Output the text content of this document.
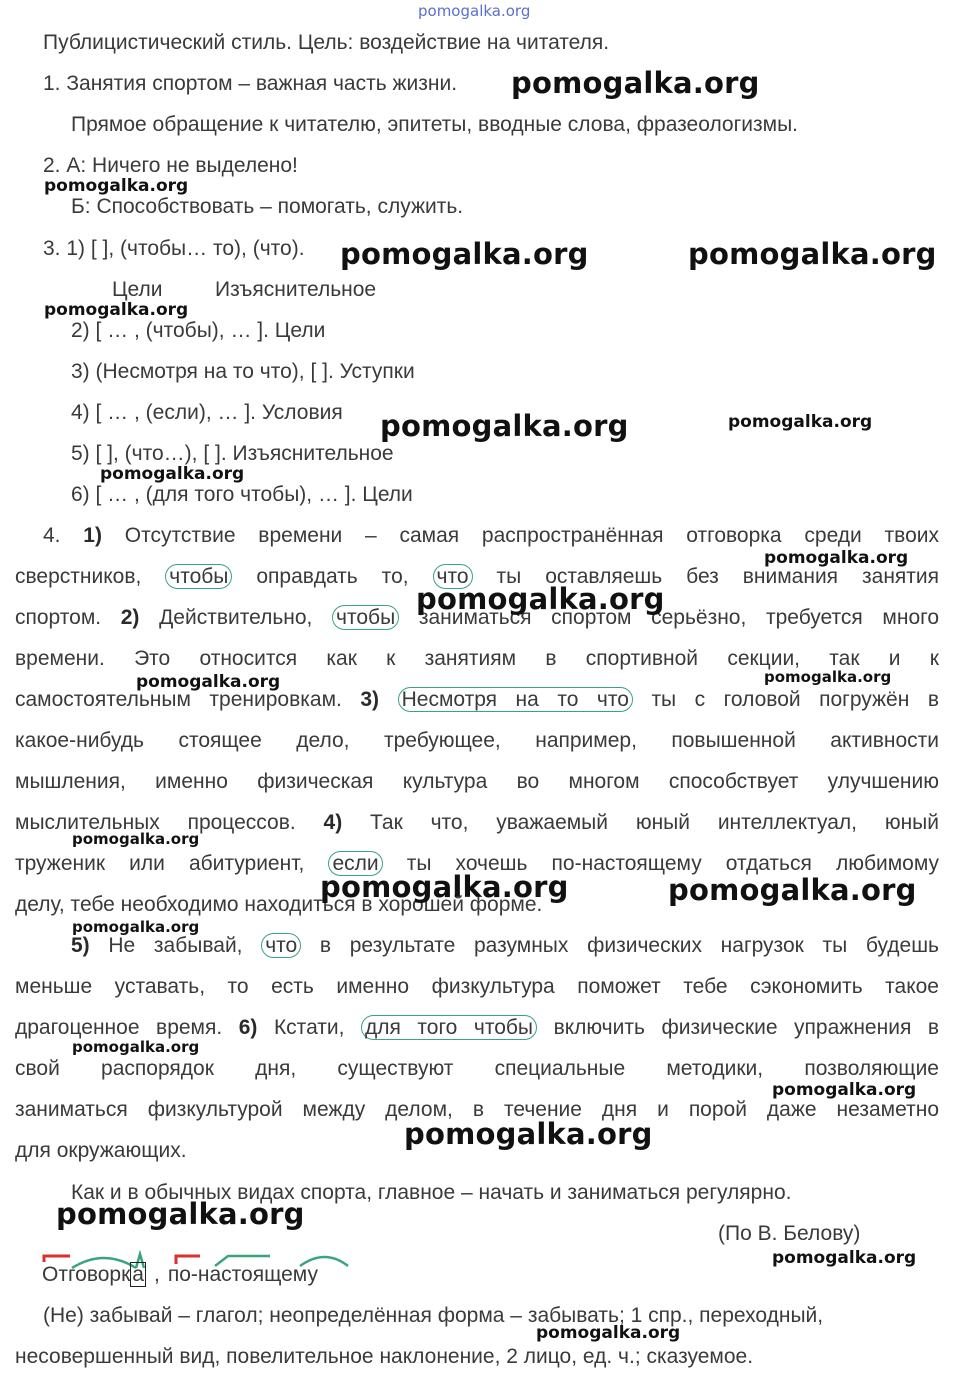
pomogalka.org
Публицистический стиль. Цель: воздействие на читателя.
1. Занятия спортом – важная часть жизни.
Прямое обращение к читателю, эпитеты, вводные слова, фразеологизмы.
2. А: Ничего не выделено!
Б: Способствовать – помогать, служить.
3. 1) [ ], (чтобы… то), (что).
Цели         Изъяснительное
2) [ … , (чтобы), … ]. Цели
3) (Несмотря на то что), [ ]. Уступки
4) [ … , (если), … ]. Условия
5) [ ], (что…), [ ]. Изъяснительное
6) [ … , (для того чтобы), … ]. Цели
4. 1) Отсутствие времени – самая распространённая отговорка среди твоих
сверстников, чтобы оправдать то, что ты оставляешь без внимания занятия
спортом. 2) Действительно, чтобы заниматься спортом серьёзно, требуется много
времени. Это относится как к занятиям в спортивной секции, так и к
самостоятельным тренировкам. 3) Несмотря на то что ты с головой погружён в
какое-нибудь стоящее дело, требующее, например, повышенной активности
мышления, именно физическая культура во многом способствует улучшению
мыслительных процессов. 4) Так что, уважаемый юный интеллектуал, юный
труженик или абитуриент, если ты хочешь по-настоящему отдаться любимому
делу, тебе необходимо находиться в хорошей форме.
5) Не забывай, что в результате разумных физических нагрузок ты будешь
меньше уставать, то есть именно физкультура поможет тебе сэкономить такое
драгоценное время. 6) Кстати, для того чтобы включить физические упражнения в
свой распорядок дня, существуют специальные методики, позволяющие
заниматься физкультурой между делом, в течение дня и порой даже незаметно
для окружающих.
Как и в обычных видах спорта, главное – начать и заниматься регулярно.
(По В. Белову)
Отговорка , по-настоящему
(Не) забывай – глагол; неопределённая форма – забывать; 1 спр., переходный,
несовершенный вид, повелительное наклонение, 2 лицо, ед. ч.; сказуемое.
pomogalka.org
pomogalka.org
pomogalka.org	pomogalka.org
pomogalka.org
pomogalka.org	pomogalka.org
pomogalka.org
pomogalka.org
pomogalka.org
pomogalka.org	pomogalka.org
pomogalka.org
pomogalka.org	pomogalka.org
pomogalka.org
pomogalka.org
pomogalka.org
pomogalka.org
pomogalka.org
pomogalka.org
pomogalka.org
